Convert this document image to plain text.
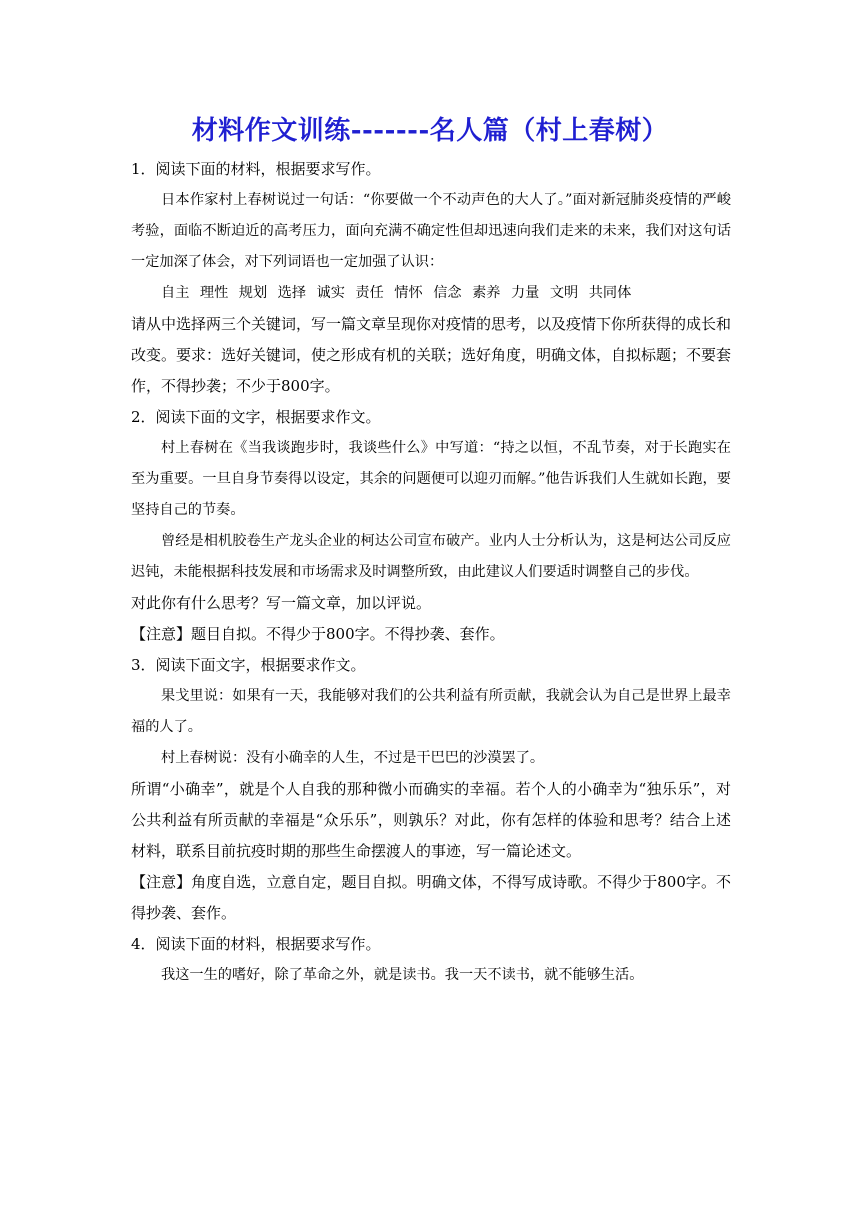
材料作文训练-------名人篇（村上春树）

1．阅读下面的材料，根据要求写作。

日本作家村上春树说过一句话：“你要做一个不动声色的大人了。”面对新冠肺炎疫情的严峻考验，面临不断迫近的高考压力，面向充满不确定性但却迅速向我们走来的未来，我们对这句话一定加深了体会，对下列词语也一定加强了认识：

自主 理性 规划 选择 诚实 责任 情怀 信念 素养 力量 文明 共同体

请从中选择两三个关键词，写一篇文章呈现你对疫情的思考，以及疫情下你所获得的成长和改变。要求：选好关键词，使之形成有机的关联；选好角度，明确文体，自拟标题；不要套作，不得抄袭；不少于800字。

2．阅读下面的文字，根据要求作文。

村上春树在《当我谈跑步时，我谈些什么》中写道：“持之以恒，不乱节奏，对于长跑实在至为重要。一旦自身节奏得以设定，其余的问题便可以迎刃而解。”他告诉我们人生就如长跑，要坚持自己的节奏。

曾经是相机胶卷生产龙头企业的柯达公司宣布破产。业内人士分析认为，这是柯达公司反应迟钝，未能根据科技发展和市场需求及时调整所致，由此建议人们要适时调整自己的步伐。

对此你有什么思考？写一篇文章，加以评说。

【注意】题目自拟。不得少于800字。不得抄袭、套作。

3．阅读下面文字，根据要求作文。

果戈里说：如果有一天，我能够对我们的公共利益有所贡献，我就会认为自己是世界上最幸福的人了。

村上春树说：没有小确幸的人生，不过是干巴巴的沙漠罢了。

所谓“小确幸”，就是个人自我的那种微小而确实的幸福。若个人的小确幸为“独乐乐”，对公共利益有所贡献的幸福是“众乐乐”，则孰乐？对此，你有怎样的体验和思考？结合上述材料，联系目前抗疫时期的那些生命摆渡人的事迹，写一篇论述文。

【注意】角度自选，立意自定，题目自拟。明确文体，不得写成诗歌。不得少于800字。不得抄袭、套作。

4．阅读下面的材料，根据要求写作。

我这一生的嗜好，除了革命之外，就是读书。我一天不读书，就不能够生活。
